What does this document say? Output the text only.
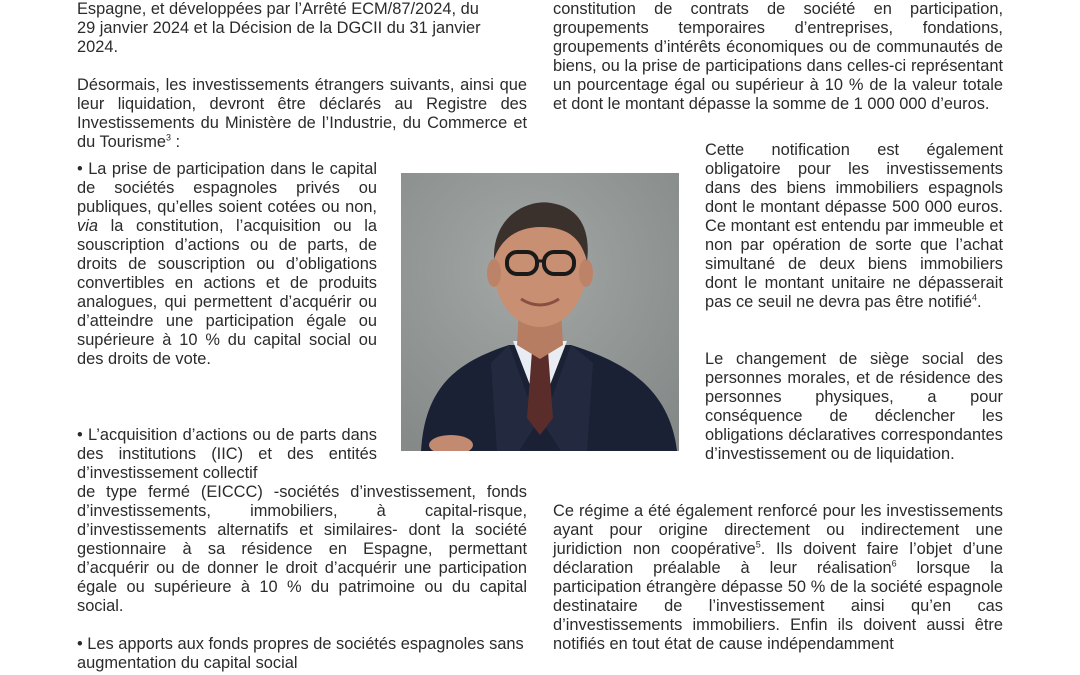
Espagne, et développées par l’Arrêté ECM/87/2024, du

29 janvier 2024 et la Décision de la DGCII du 31 janvier

2024.

Désormais, les investissements étrangers suivants, ainsi que leur liquidation, devront être déclarés au Registre des Investissements du Ministère de l’Industrie, du Commerce et du Tourisme$^3$ :

• La prise de participation dans le capital de sociétés espagnoles privés ou publiques, qu’elles soient cotées ou non, via la constitution, l’acquisition ou la souscription d’actions ou de parts, de droits de souscription ou d’obligations convertibles en actions et de produits analogues, qui permettent d’acquérir ou d’atteindre une participation égale ou supérieure à 10 % du capital social ou des droits de vote.

• L’acquisition d’actions ou de parts dans des institutions (IIC) et des entités d’investissement collectif

de type fermé (EICCC) -sociétés d’investissement, fonds d’investissements, immobiliers, à capital-risque, d’investissements alternatifs et similaires- dont la société gestionnaire à sa résidence en Espagne, permettant d’acquérir ou de donner le droit d’acquérir une participation égale ou supérieure à 10 % du patrimoine ou du capital social.

• Les apports aux fonds propres de sociétés espagnoles sans augmentation du capital social

constitution de contrats de société en participation, groupements temporaires d’entreprises, fondations, groupements d’intérêts économiques ou de communautés de biens, ou la prise de participations dans celles-ci représentant un pourcentage égal ou supérieur à 10 % de la valeur totale et dont le montant dépasse la somme de 1 000 000 d’euros.

Cette notification est également obligatoire pour les investissements dans des biens immobiliers espagnols dont le montant dépasse 500 000 euros. Ce montant est entendu par immeuble et non par opération de sorte que l’achat simultané de deux biens immobiliers dont le montant unitaire ne dépasserait pas ce seuil ne devra pas être notifié$^4$.

Le changement de siège social des personnes morales, et de résidence des personnes physiques, a pour conséquence de déclencher les obligations déclaratives correspondantes d’investissement ou de liquidation.

Ce régime a été également renforcé pour les investissements ayant pour origine directement ou indirectement une juridiction non coopérative$^5$. Ils doivent faire l’objet d’une déclaration préalable à leur réalisation$^6$ lorsque la participation étrangère dépasse 50 % de la société espagnole destinataire de l’investissement ainsi qu’en cas d’investissements immobiliers. Enfin ils doivent aussi être notifiés en tout état de cause indépendamment
